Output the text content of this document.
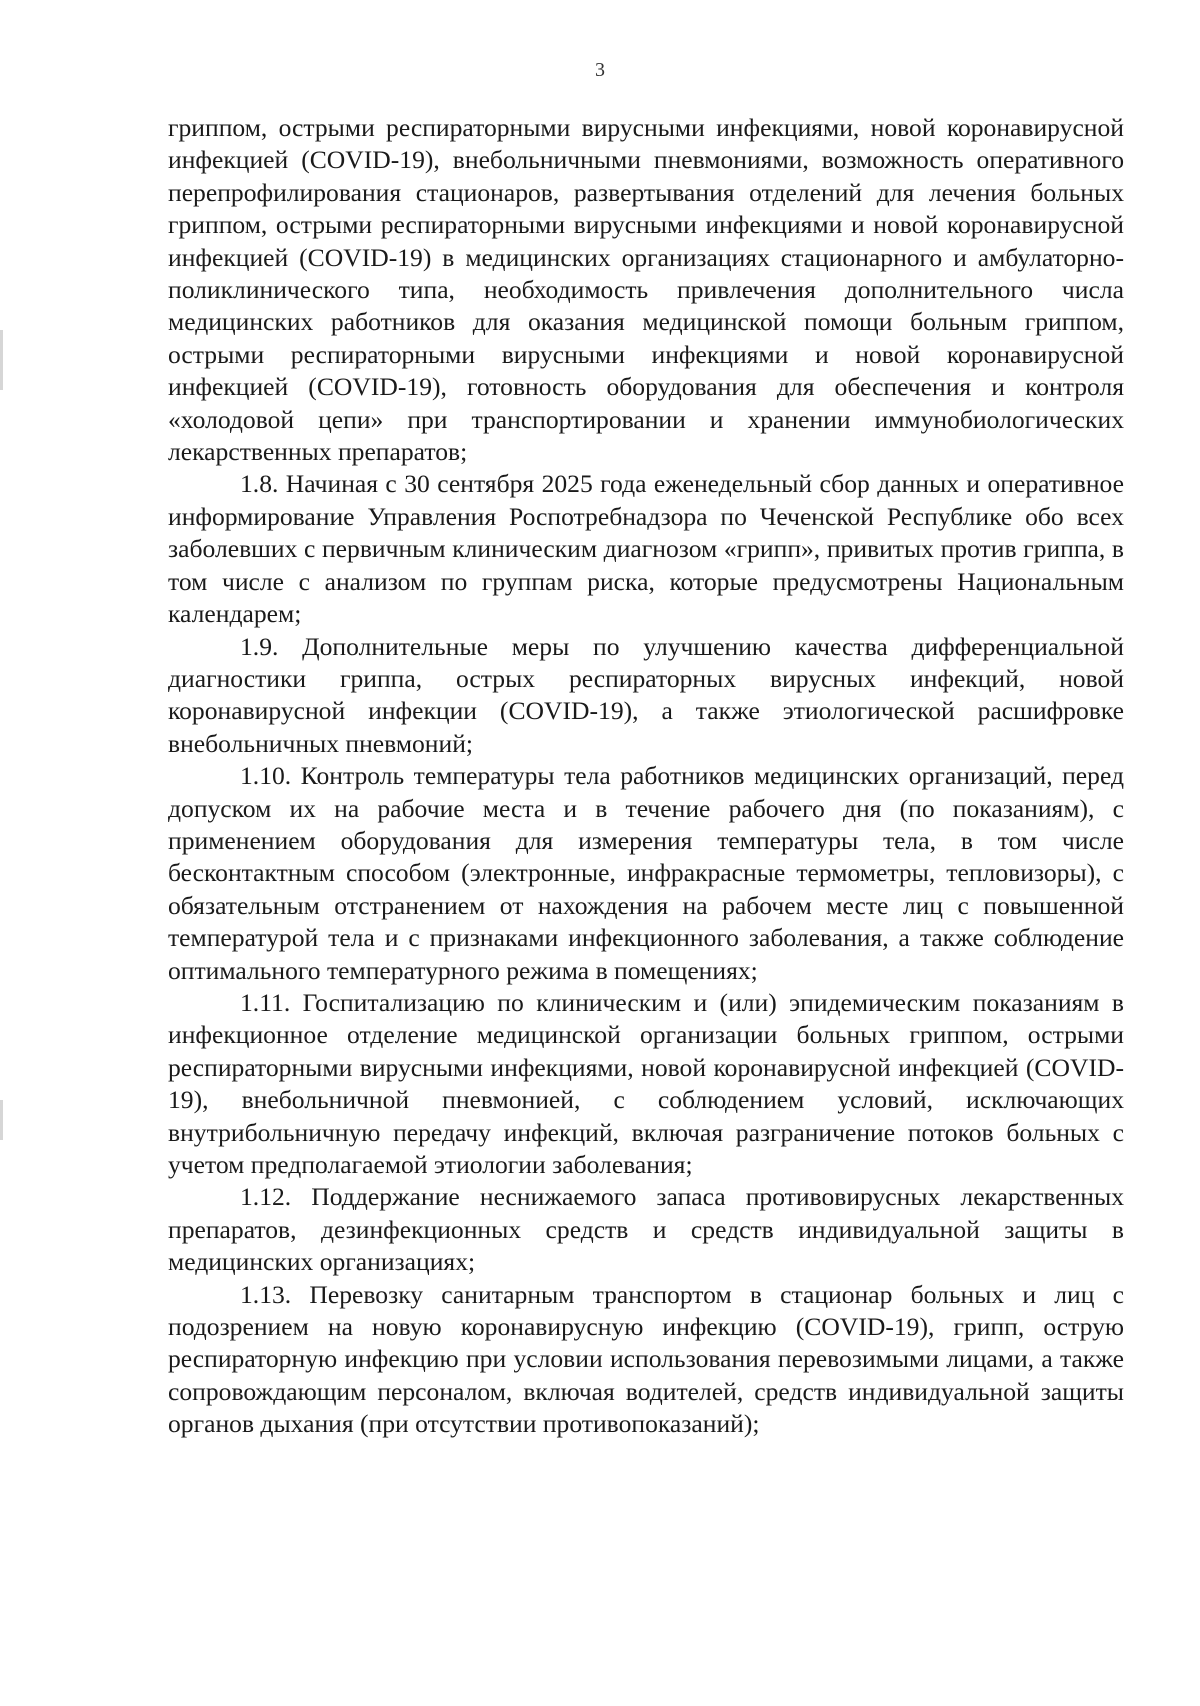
3

гриппом, острыми респираторными вирусными инфекциями, новой коронавирусной инфекцией (COVID-19), внебольничными пневмониями, возможность оперативного перепрофилирования стационаров, развертывания отделений для лечения больных гриппом, острыми респираторными вирусными инфекциями и новой коронавирусной инфекцией (COVID-19) в медицинских организациях стационарного и амбулаторно-поликлинического типа, необходимость привлечения дополнительного числа медицинских работников для оказания медицинской помощи больным гриппом, острыми респираторными вирусными инфекциями и новой коронавирусной инфекцией (COVID-19), готовность оборудования для обеспечения и контроля «холодовой цепи» при транспортировании и хранении иммунобиологических лекарственных препаратов;

1.8. Начиная с 30 сентября 2025 года еженедельный сбор данных и оперативное информирование Управления Роспотребнадзора по Чеченской Республике обо всех заболевших с первичным клиническим диагнозом «грипп», привитых против гриппа, в том числе с анализом по группам риска, которые предусмотрены Национальным календарем;

1.9. Дополнительные меры по улучшению качества дифференциальной диагностики гриппа, острых респираторных вирусных инфекций, новой коронавирусной инфекции (COVID-19), а также этиологической расшифровке внебольничных пневмоний;

1.10. Контроль температуры тела работников медицинских организаций, перед допуском их на рабочие места и в течение рабочего дня (по показаниям), с применением оборудования для измерения температуры тела, в том числе бесконтактным способом (электронные, инфракрасные термометры, тепловизоры), с обязательным отстранением от нахождения на рабочем месте лиц с повышенной температурой тела и с признаками инфекционного заболевания, а также соблюдение оптимального температурного режима в помещениях;

1.11. Госпитализацию по клиническим и (или) эпидемическим показаниям в инфекционное отделение медицинской организации больных гриппом, острыми респираторными вирусными инфекциями, новой коронавирусной инфекцией (COVID-19), внебольничной пневмонией, с соблюдением условий, исключающих внутрибольничную передачу инфекций, включая разграничение потоков больных с учетом предполагаемой этиологии заболевания;

1.12. Поддержание неснижаемого запаса противовирусных лекарственных препаратов, дезинфекционных средств и средств индивидуальной защиты в медицинских организациях;

1.13. Перевозку санитарным транспортом в стационар больных и лиц с подозрением на новую коронавирусную инфекцию (COVID-19), грипп, острую респираторную инфекцию при условии использования перевозимыми лицами, а также сопровождающим персоналом, включая водителей, средств индивидуальной защиты органов дыхания (при отсутствии противопоказаний);
